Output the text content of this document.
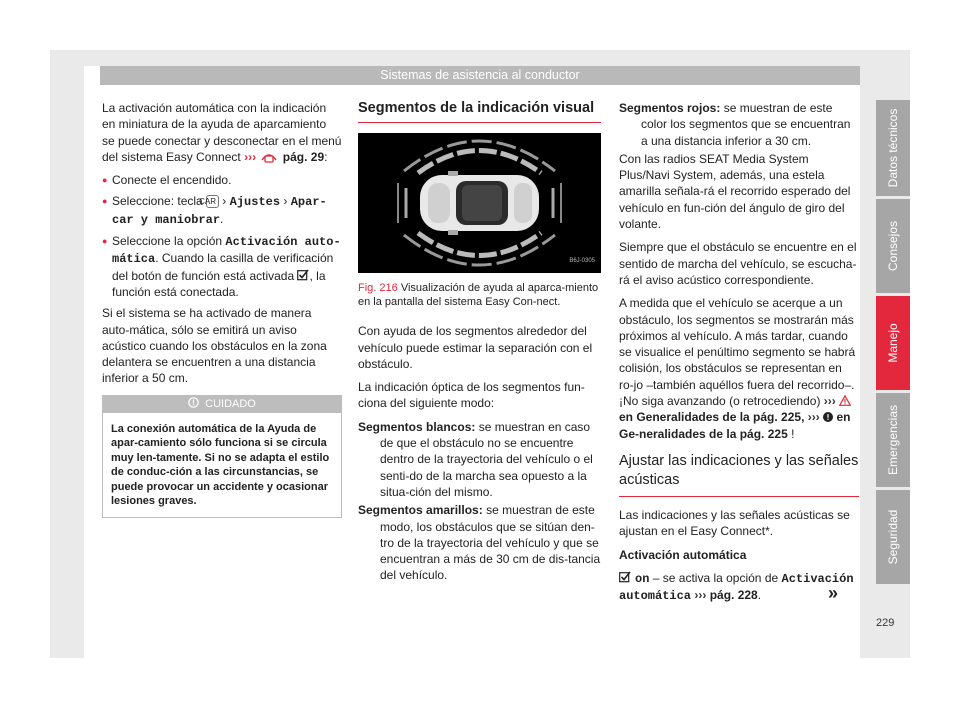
Sistemas de asistencia al conductor

La activación automática con la indicación en miniatura de la ayuda de aparcamiento se puede conectar y desconectar en el menú del sistema Easy Connect ››› pág. 29:

● Conecte el encendido.

● Seleccione: tecla CAR › Ajustes › Apar-car y maniobrar.

● Seleccione la opción Activación auto-mática. Cuando la casilla de verificación del botón de función está activada , la función está conectada.

Si el sistema se ha activado de manera auto-mática, sólo se emitirá un aviso acústico cuando los obstáculos en la zona delantera se encuentren a una distancia inferior a 50 cm.

CUIDADO
La conexión automática de la Ayuda de apar-camiento sólo funciona si se circula muy len-tamente. Si no se adapta el estilo de conduc-ción a las circunstancias, se puede provocar un accidente y ocasionar lesiones graves.
Segmentos de la indicación visual
B6J-0305

Fig. 216 Visualización de ayuda al aparca-miento en la pantalla del sistema Easy Con-nect.

Con ayuda de los segmentos alrededor del vehículo puede estimar la separación con el obstáculo.

La indicación óptica de los segmentos fun-ciona del siguiente modo:

Segmentos blancos: se muestran en caso de que el obstáculo no se encuentre dentro de la trayectoria del vehículo o el senti-do de la marcha sea opuesto a la situa-ción del mismo.

Segmentos amarillos: se muestran de este modo, los obstáculos que se sitúan den-tro de la trayectoria del vehículo y que se encuentran a más de 30 cm de dis-tancia del vehículo.

Segmentos rojos: se muestran de este color los segmentos que se encuentran a una distancia inferior a 30 cm.

Con las radios SEAT Media System Plus/Navi System, además, una estela amarilla señala-rá el recorrido esperado del vehículo en fun-ción del ángulo de giro del volante.

Siempre que el obstáculo se encuentre en el sentido de marcha del vehículo, se escucha-rá el aviso acústico correspondiente.

A medida que el vehículo se acerque a un obstáculo, los segmentos se mostrarán más próximos al vehículo. A más tardar, cuando se visualice el penúltimo segmento se habrá colisión, los obstáculos se representan en ro-jo –también aquéllos fuera del recorrido–. ¡No siga avanzando (o retrocediendo) ›››
en Generalidades de la pág. 225, ››› en Ge-neralidades de la pág. 225 !

Ajustar las indicaciones y las señales acústicas

Las indicaciones y las señales acústicas se ajustan en el Easy Connect*.

Activación automática

on – se activa la opción de Activación automática ››› pág. 228.	»
Datos técnicos
Consejos
Manejo
Emergencias
Seguridad
229
